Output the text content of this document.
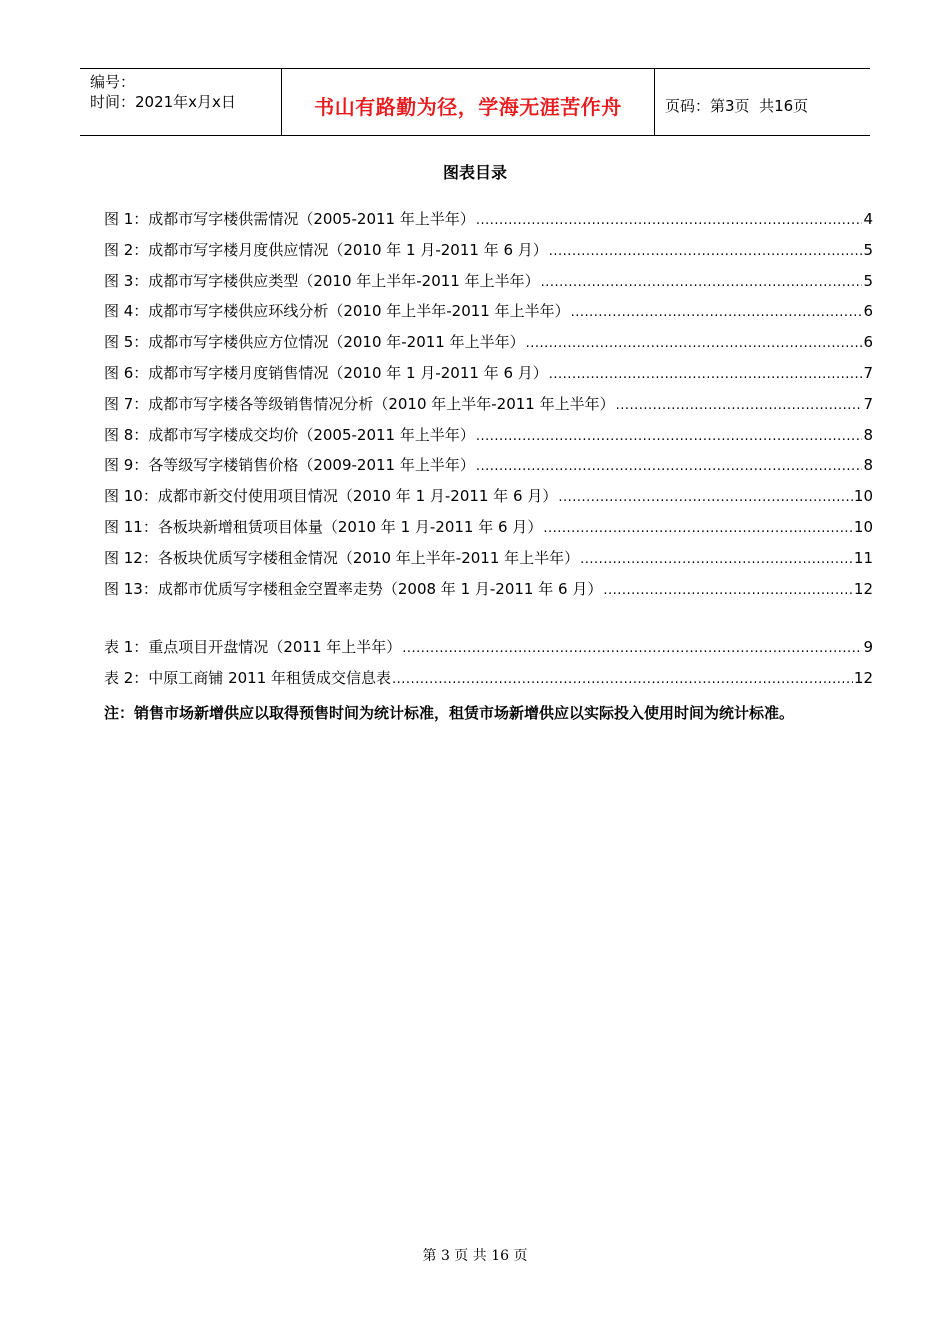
编号：
时间：2021年x月x日	书山有路勤为径，学海无涯苦作舟	页码：第3页  共16页
图表目录
图 1：成都市写字楼供需情况（2005-2011 年上半年） .....	4
图 2：成都市写字楼月度供应情况（2010 年 1 月-2011 年 6 月） .....	5
图 3：成都市写字楼供应类型（2010 年上半年-2011 年上半年） .....	5
图 4：成都市写字楼供应环线分析（2010 年上半年-2011 年上半年） .....	6
图 5：成都市写字楼供应方位情况（2010 年-2011 年上半年） .....	6
图 6：成都市写字楼月度销售情况（2010 年 1 月-2011 年 6 月） .....	7
图 7：成都市写字楼各等级销售情况分析（2010 年上半年-2011 年上半年） .....	7
图 8：成都市写字楼成交均价（2005-2011 年上半年） .....	8
图 9：各等级写字楼销售价格（2009-2011 年上半年） .....	8
图 10：成都市新交付使用项目情况（2010 年 1 月-2011 年 6 月） .....	10
图 11：各板块新增租赁项目体量（2010 年 1 月-2011 年 6 月） .....	10
图 12：各板块优质写字楼租金情况（2010 年上半年-2011 年上半年） .....	11
图 13：成都市优质写字楼租金空置率走势（2008 年 1 月-2011 年 6 月） .....	12
表 1：重点项目开盘情况（2011 年上半年） .....	9
表 2：中原工商铺 2011 年租赁成交信息表 .....	12
注：销售市场新增供应以取得预售时间为统计标准，租赁市场新增供应以实际投入使用时间为统计标准。
第 3 页 共 16 页
